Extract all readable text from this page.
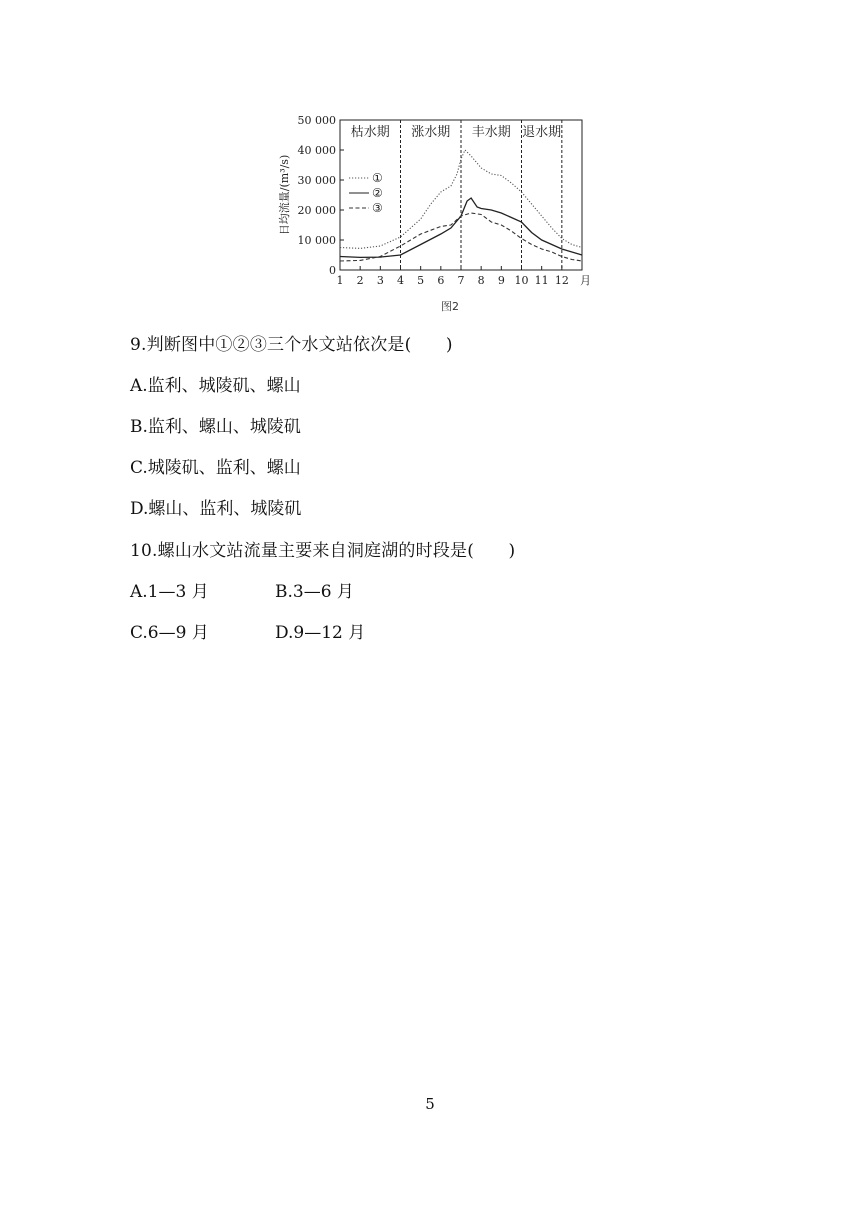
枯水期 涨水期 丰水期 退水期
0
10 000
20 000
30 000
40 000
50 000
1 2 3 4 5 6 7 8 9 10 11 12 月
日均流量/(m³/s)	①
②
③
图2
9.判断图中①②③三个水文站依次是(　　)
A.监利、城陵矶、螺山
B.监利、螺山、城陵矶
C.城陵矶、监利、螺山
D.螺山、监利、城陵矶
10.螺山水文站流量主要来自洞庭湖的时段是(　　)
A.1—3 月	B.3—6 月
C.6—9 月	D.9—12 月
5
